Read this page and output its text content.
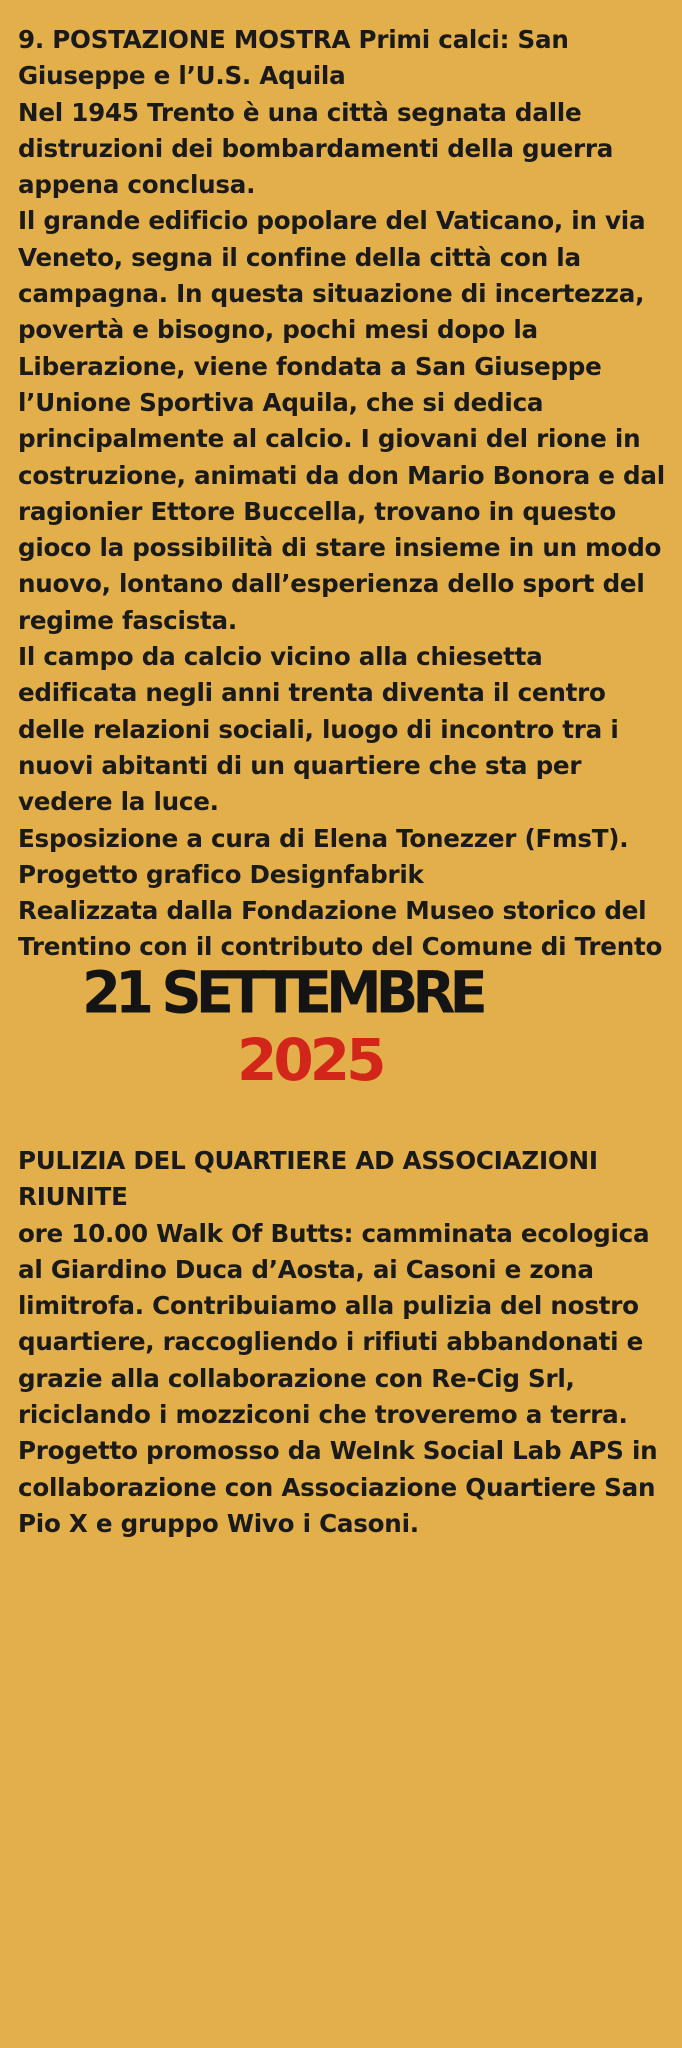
9. POSTAZIONE MOSTRA Primi calci: San Giuseppe e l’U.S. Aquila

Nel 1945 Trento è una città segnata dalle distruzioni dei bombardamenti della guerra appena conclusa.

Il grande edificio popolare del Vaticano, in via Veneto, segna il confine della città con la campagna. In questa situazione di incertezza, povertà e bisogno, pochi mesi dopo la Liberazione, viene fondata a San Giuseppe l’Unione Sportiva Aquila, che si dedica principalmente al calcio. I giovani del rione in costruzione, animati da don Mario Bonora e dal ragionier Ettore Buccella, trovano in questo gioco la possibilità di stare insieme in un modo nuovo, lontano dall’esperienza dello sport del regime fascista.

Il campo da calcio vicino alla chiesetta edificata negli anni trenta diventa il centro delle relazioni sociali, luogo di incontro tra i nuovi abitanti di un quartiere che sta per vedere la luce.

Esposizione a cura di Elena Tonezzer (FmsT).

Progetto grafico Designfabrik

Realizzata dalla Fondazione Museo storico del Trentino con il contributo del Comune di Trento

21 SETTEMBRE
2025

PULIZIA DEL QUARTIERE AD ASSOCIAZIONI RIUNITE

ore 10.00 Walk Of Butts: camminata ecologica al Giardino Duca d’Aosta, ai Casoni e zona limitrofa. Contribuiamo alla pulizia del nostro quartiere, raccogliendo i rifiuti abbandonati e grazie alla collaborazione con Re-Cig Srl, riciclando i mozziconi che troveremo a terra. Progetto promosso da WeInk Social Lab APS in collaborazione con Associazione Quartiere San Pio X e gruppo Wivo i Casoni.
